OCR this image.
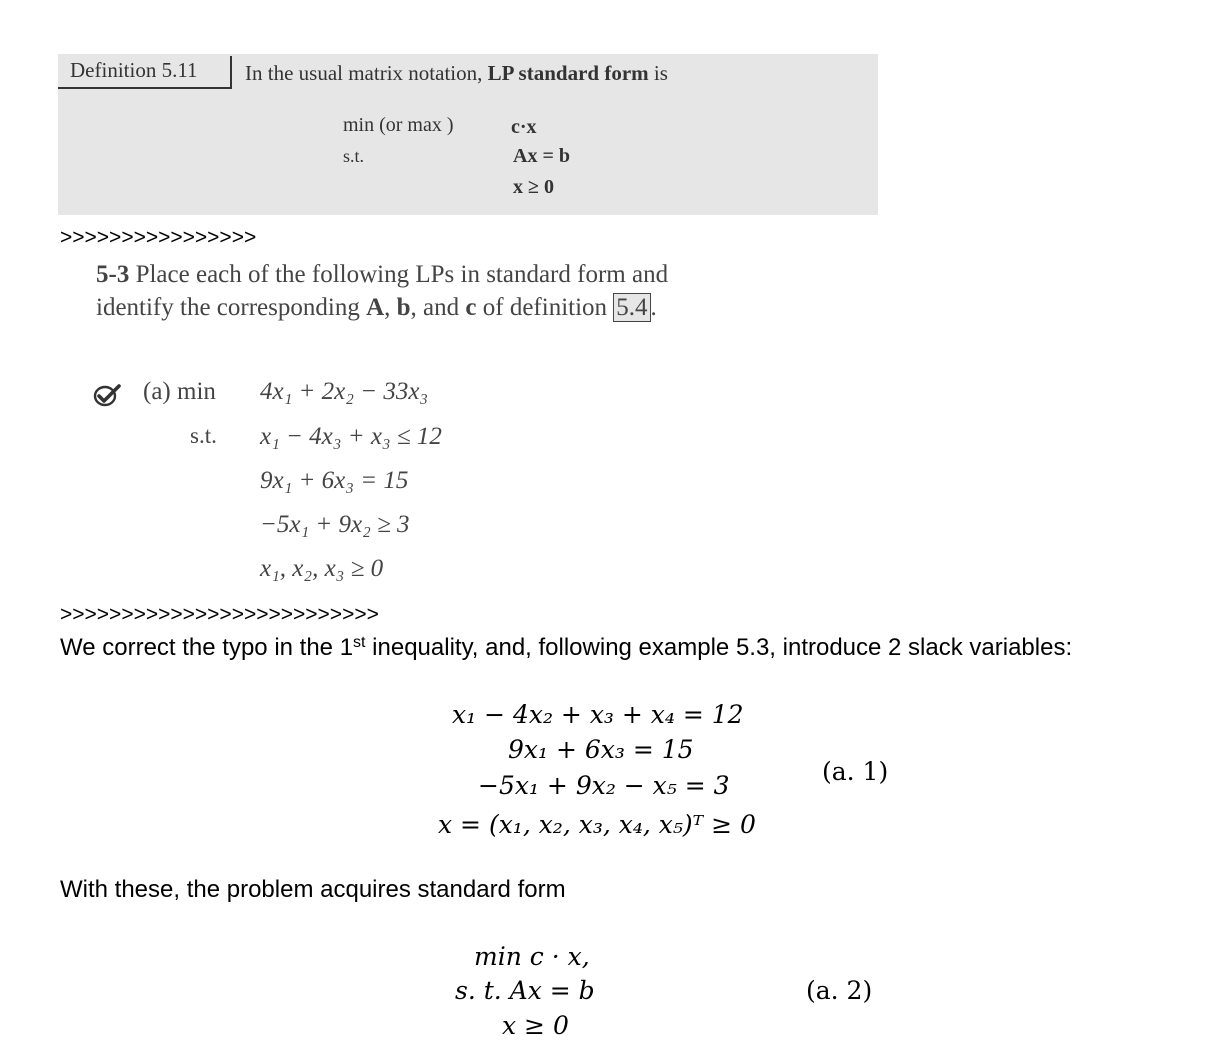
Definition 5.11 In the usual matrix notation, LP standard form is
min (or max )	c·x
s.t.	Ax = b
x ≥ 0
>>>>>>>>>>>>>>>>
5-3 Place each of the following LPs in standard form and identify the corresponding A, b, and c of definition 5.4 .
(a) min 4x₁ + 2x₂ − 33x₃
s.t. x₁ − 4x₃ + x₃ ≤ 12
9x₁ + 6x₃ = 15
−5x₁ + 9x₂ ≥ 3
x₁, x₂, x₃ ≥ 0
>>>>>>>>>>>>>>>>>>>>>>>>>>
We correct the typo in the 1st inequality, and, following example 5.3, introduce 2 slack variables:
x₁ − 4x₂ + x₃ + x₄ = 12
9x₁ + 6x₃ = 15
−5x₁ + 9x₂ − x₅ = 3
x = (x₁, x₂, x₃, x₄, x₅)ᵀ ≥ 0
(a. 1)
With these, the problem acquires standard form
min c · x,
s. t. Ax = b
x ≥ 0
(a. 2)
